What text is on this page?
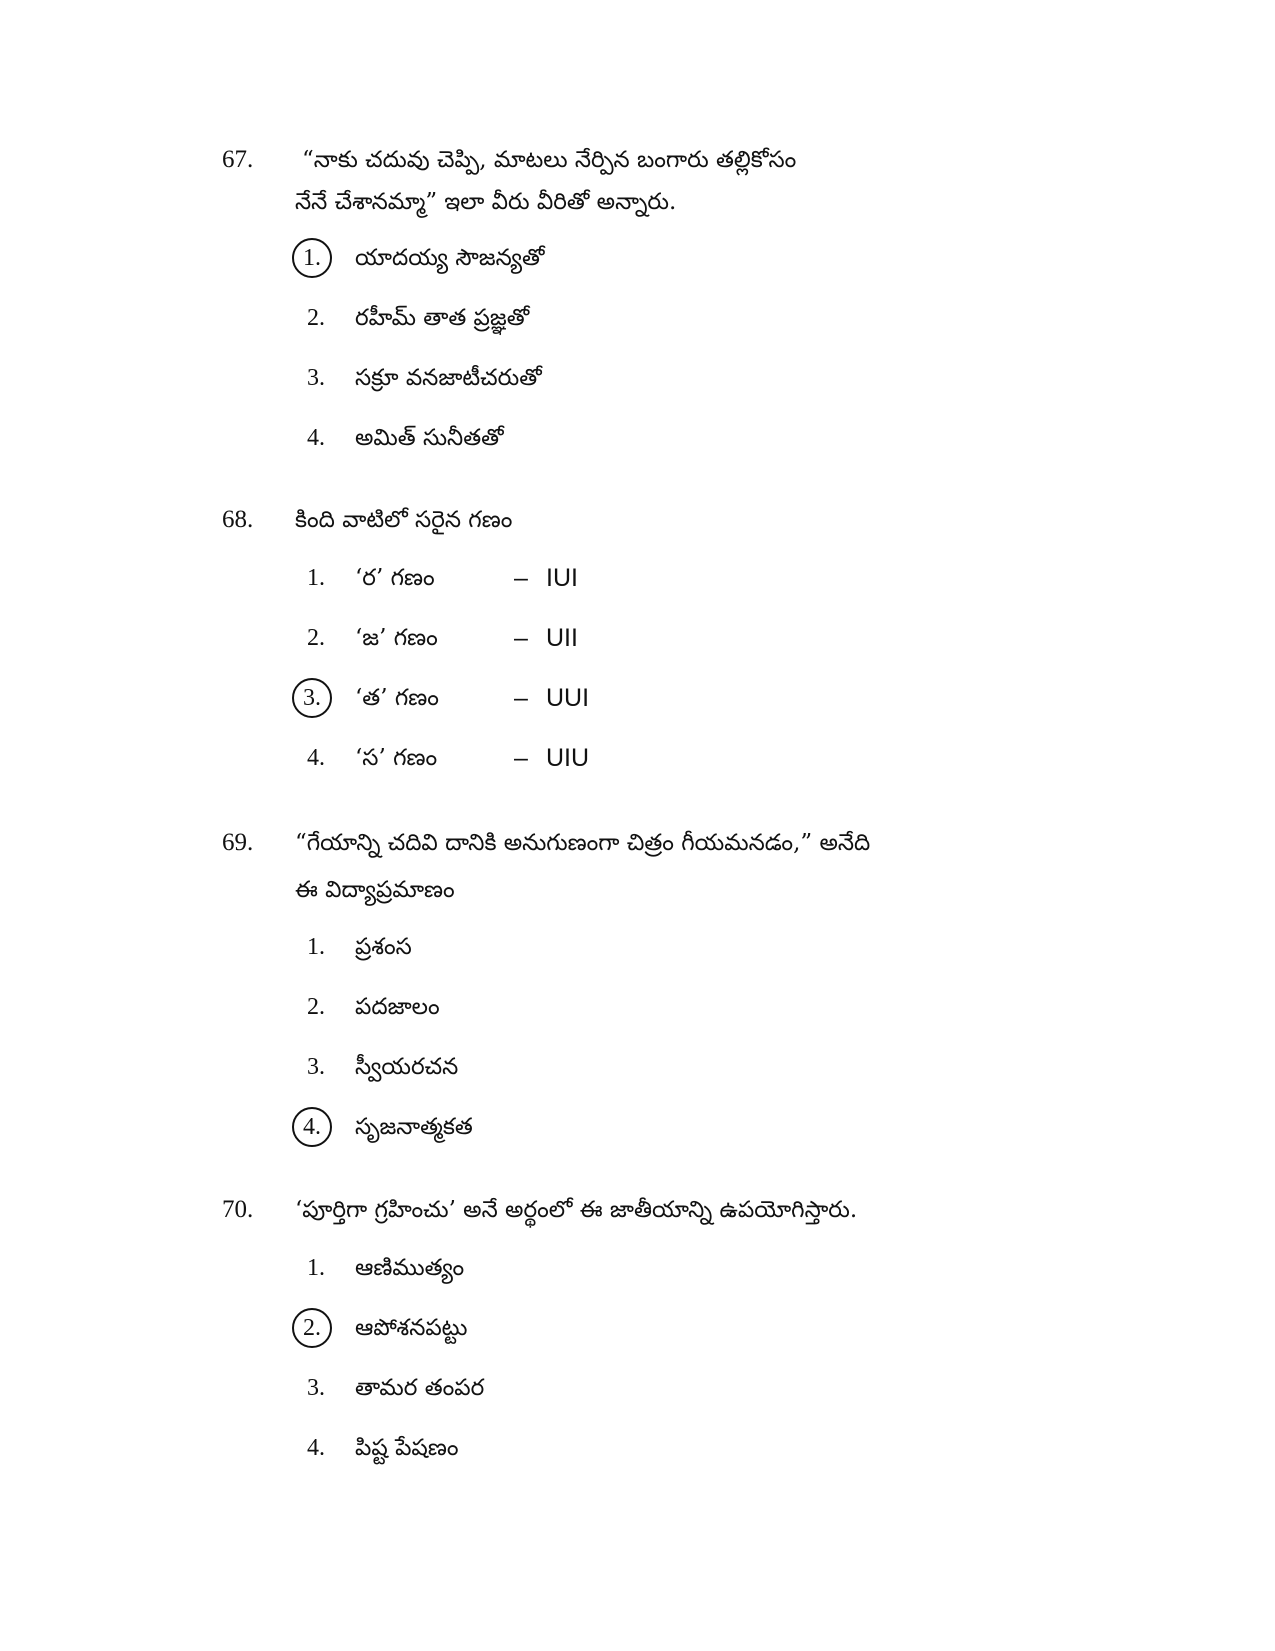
67. “నాకు చదువు చెప్పి, మాటలు నేర్పిన బంగారు తల్లికోసం
నేనే చేశానమ్మా” ఇలా వీరు వీరితో అన్నారు.
1.	యాదయ్య సౌజన్యతో
2.	రహీమ్ తాత ప్రజ్ఞతో
3.	సక్రూ వనజాటీచరుతో
4.	అమిత్ సునీతతో
68. కింది వాటిలో సరైన గణం
1.	‘ర’ గణం	– IUI
2.	‘జ’ గణం	– UII
3.	‘త’ గణం	– UUI
4.	‘స’ గణం	– UIU
69. “గేయాన్ని చదివి దానికి అనుగుణంగా చిత్రం గీయమనడం,” అనేది
ఈ విద్యాప్రమాణం
1.	ప్రశంస
2.	పదజాలం
3.	స్వీయరచన
4.	సృజనాత్మకత
70. ‘పూర్తిగా గ్రహించు’ అనే అర్థంలో ఈ జాతీయాన్ని ఉపయోగిస్తారు.
1.	ఆణిముత్యం
2.	ఆపోశనపట్టు
3.	తామర తంపర
4.	పిష్ట పేషణం
